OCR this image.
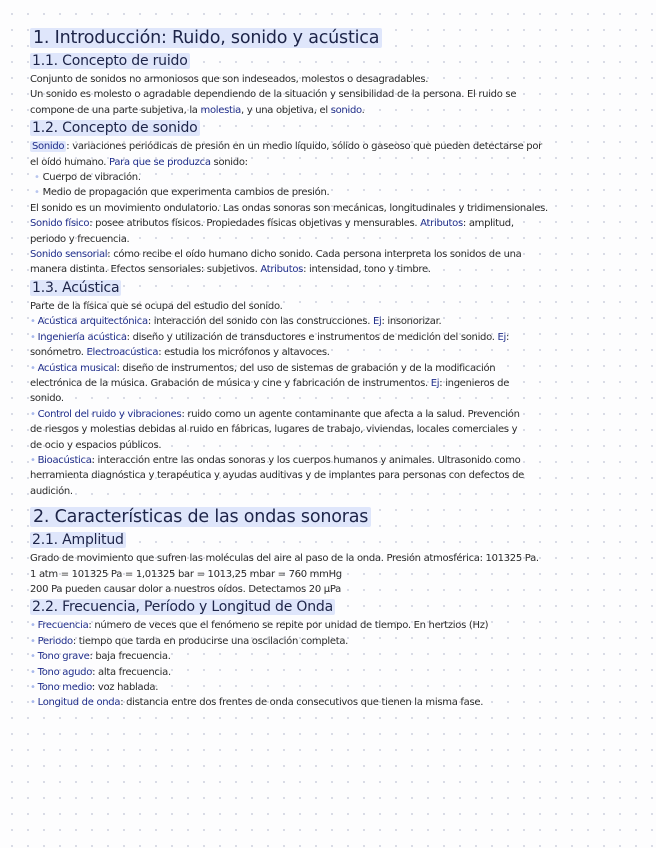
1. Introducción: Ruido, sonido y acústica
1.1. Concepto de ruido

Conjunto de sonidos no armoniosos que son indeseados, molestos o desagradables.

Un sonido es molesto o agradable dependiendo de la situación y sensibilidad de la persona. El ruido se

compone de una parte subjetiva, la molestia, y una objetiva, el sonido.

1.2. Concepto de sonido

Sonido : variaciones periódicas de presión en un medio líquido, sólido o gaseoso que pueden detectarse por

el oído humano. Para que se produzca sonido:

• Cuerpo de vibración.

• Medio de propagación que experimenta cambios de presión.

El sonido es un movimiento ondulatorio. Las ondas sonoras son mecánicas, longitudinales y tridimensionales.

Sonido físico: posee atributos físicos. Propiedades físicas objetivas y mensurables. Atributos: amplitud,

periodo y frecuencia.

Sonido sensorial: cómo recibe el oído humano dicho sonido. Cada persona interpreta los sonidos de una

manera distinta. Efectos sensoriales: subjetivos. Atributos: intensidad, tono y timbre.

1.3. Acústica

Parte de la física que se ocupa del estudio del sonido.

• Acústica arquitectónica: interacción del sonido con las construcciones. Ej: insonorizar.

• Ingeniería acústica: diseño y utilización de transductores e instrumentos de medición del sonido. Ej:

sonómetro. Electroacústica: estudia los micrófonos y altavoces.

• Acústica musical: diseño de instrumentos, del uso de sistemas de grabación y de la modificación

electrónica de la música. Grabación de música y cine y fabricación de instrumentos. Ej: ingenieros de

sonido.

• Control del ruido y vibraciones: ruido como un agente contaminante que afecta a la salud. Prevención

de riesgos y molestias debidas al ruido en fábricas, lugares de trabajo, viviendas, locales comerciales y

de ocio y espacios públicos.

• Bioacústica: interacción entre las ondas sonoras y los cuerpos humanos y animales. Ultrasonido como

herramienta diagnóstica y terapéutica y ayudas auditivas y de implantes para personas con defectos de

audición.

2. Características de las ondas sonoras
2.1. Amplitud

Grado de movimiento que sufren las moléculas del aire al paso de la onda. Presión atmosférica: 101325 Pa.

1 atm = 101325 Pa = 1,01325 bar = 1013,25 mbar = 760 mmHg

200 Pa pueden causar dolor a nuestros oídos. Detectamos 20 µPa

2.2. Frecuencia, Período y Longitud de Onda

• Frecuencia: número de veces que el fenómeno se repite por unidad de tiempo. En hertzios (Hz)

• Periodo: tiempo que tarda en producirse una oscilación completa.

• Tono grave: baja frecuencia.

• Tono agudo: alta frecuencia.

• Tono medio: voz hablada.

• Longitud de onda: distancia entre dos frentes de onda consecutivos que tienen la misma fase.
